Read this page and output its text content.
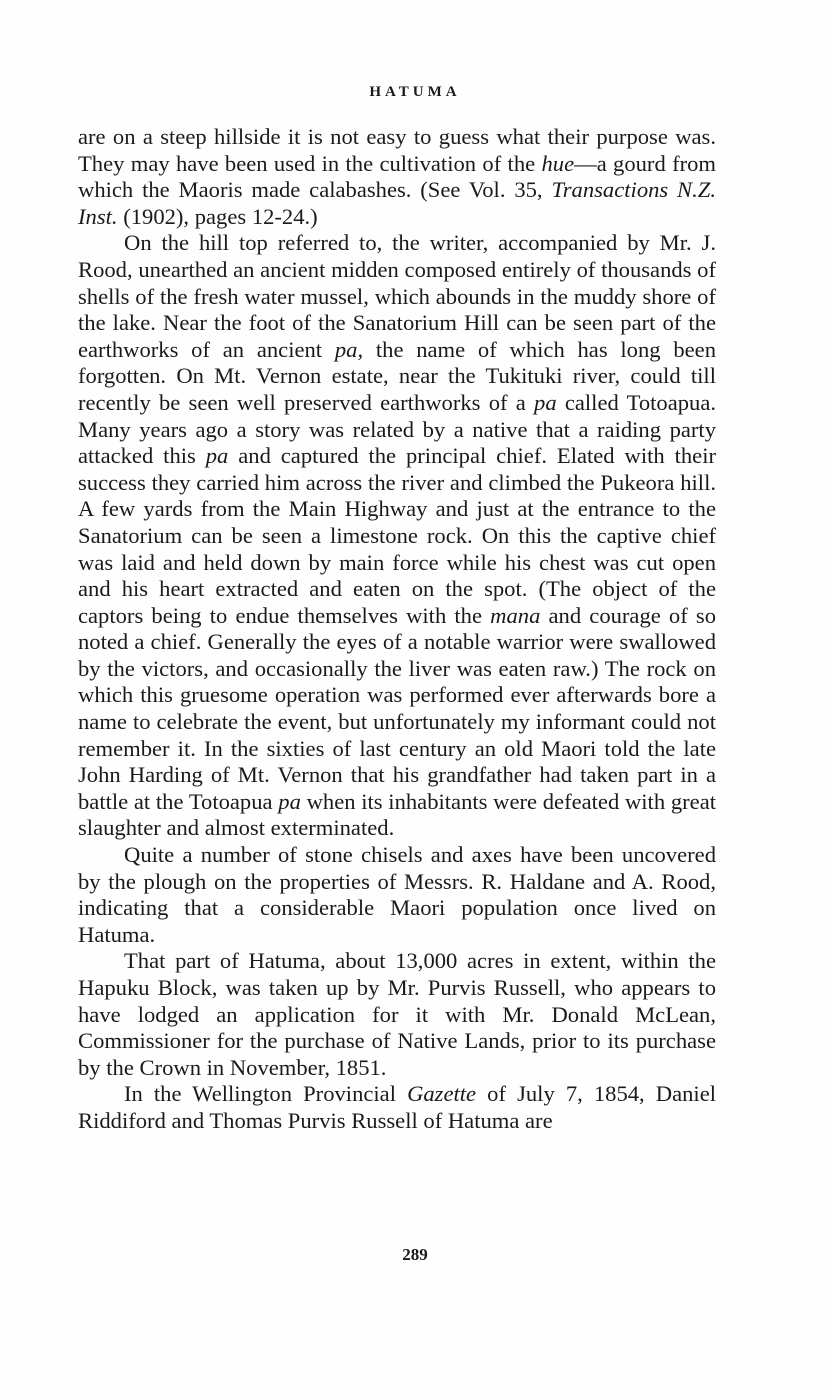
HATUMA

are on a steep hillside it is not easy to guess what their purpose was. They may have been used in the cultivation of the hue—a gourd from which the Maoris made calabashes. (See Vol. 35, Transactions N.Z. Inst. (1902), pages 12-24.)

On the hill top referred to, the writer, accompanied by Mr. J. Rood, unearthed an ancient midden composed entirely of thousands of shells of the fresh water mussel, which abounds in the muddy shore of the lake. Near the foot of the Sanatorium Hill can be seen part of the earthworks of an ancient pa, the name of which has long been forgotten. On Mt. Vernon estate, near the Tukituki river, could till recently be seen well preserved earthworks of a pa called Totoapua. Many years ago a story was related by a native that a raiding party attacked this pa and captured the principal chief. Elated with their success they carried him across the river and climbed the Pukeora hill. A few yards from the Main Highway and just at the entrance to the Sanatorium can be seen a limestone rock. On this the captive chief was laid and held down by main force while his chest was cut open and his heart extracted and eaten on the spot. (The object of the captors being to endue themselves with the mana and courage of so noted a chief. Generally the eyes of a notable warrior were swallowed by the victors, and occasionally the liver was eaten raw.) The rock on which this gruesome operation was performed ever afterwards bore a name to celebrate the event, but unfortunately my informant could not remember it. In the sixties of last century an old Maori told the late John Harding of Mt. Vernon that his grandfather had taken part in a battle at the Totoapua pa when its inhabitants were defeated with great slaughter and almost exterminated.

Quite a number of stone chisels and axes have been uncovered by the plough on the properties of Messrs. R. Haldane and A. Rood, indicating that a considerable Maori population once lived on Hatuma.

That part of Hatuma, about 13,000 acres in extent, within the Hapuku Block, was taken up by Mr. Purvis Russell, who appears to have lodged an application for it with Mr. Donald McLean, Commissioner for the purchase of Native Lands, prior to its purchase by the Crown in November, 1851.

In the Wellington Provincial Gazette of July 7, 1854, Daniel Riddiford and Thomas Purvis Russell of Hatuma are

289
